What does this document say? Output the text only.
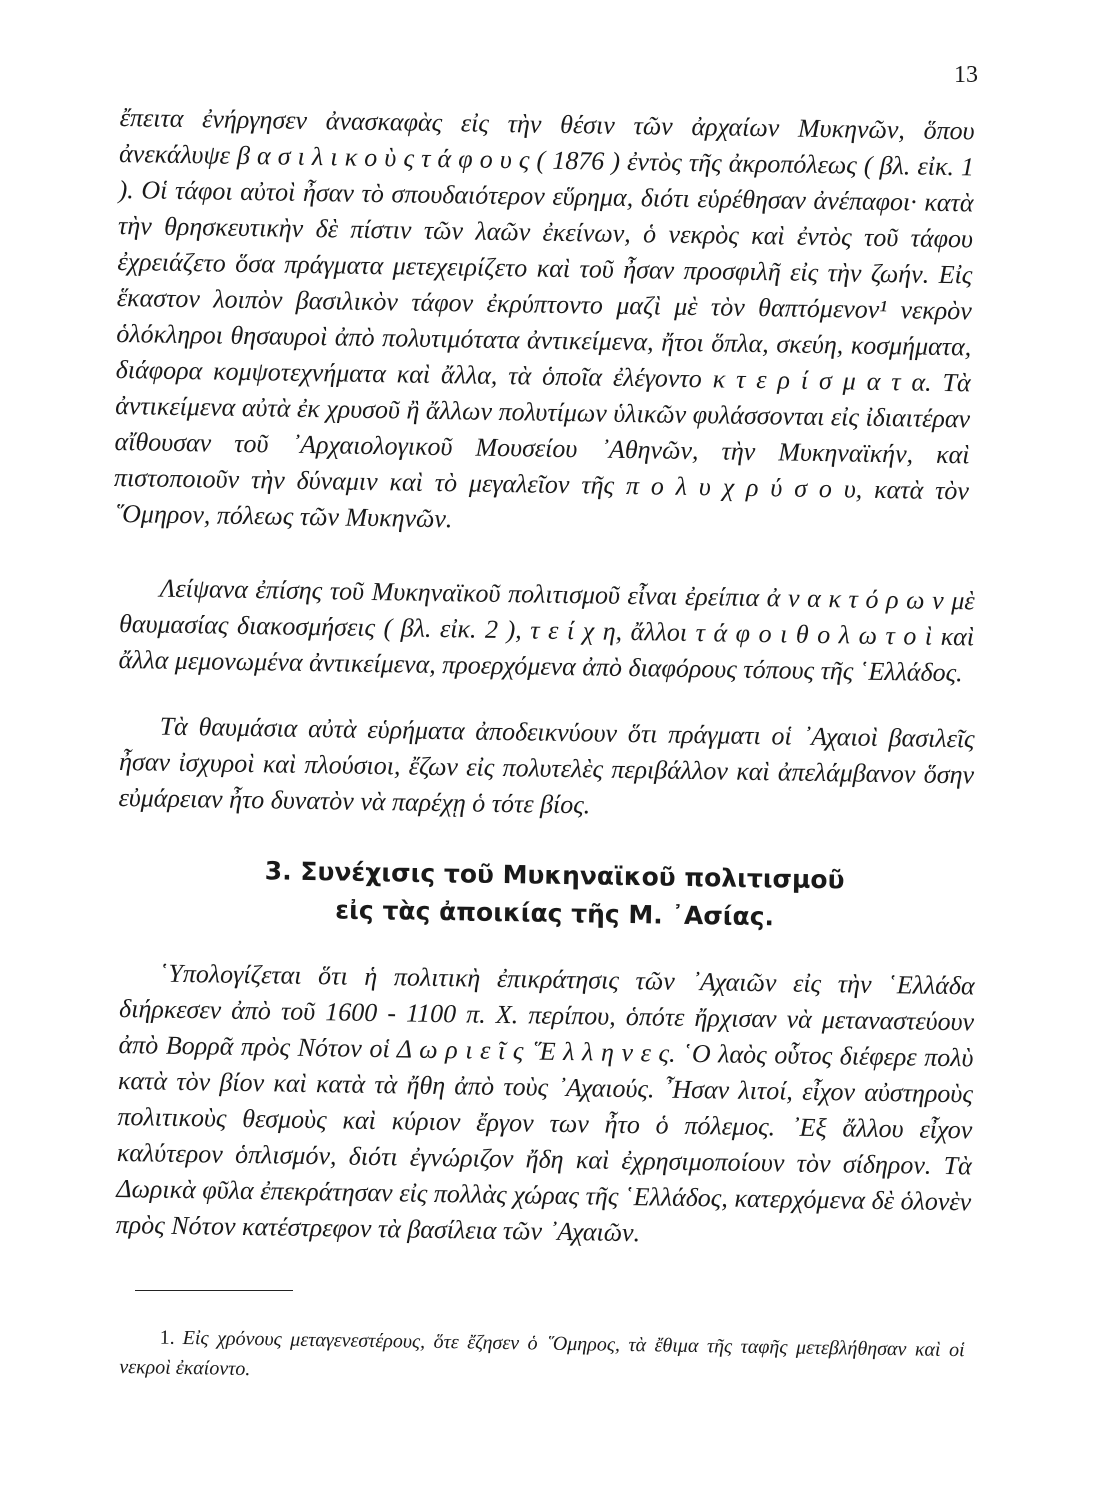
13
ἔπειτα ἐνήργησεν ἀνασκαφὰς εἰς τὴν θέσιν τῶν ἀρχαίων Μυκηνῶν, ὅπου ἀνεκάλυψε β α σ ι λ ι κ ο ὺ ς τ ά φ ο υ ς ( 1876 ) ἐντὸς τῆς ἀκροπόλεως ( βλ. εἰκ. 1 ). Οἱ τάφοι αὐτοὶ ἦσαν τὸ σπουδαιότερον εὕρημα, διότι εὑρέθησαν ἀνέπαφοι· κατὰ τὴν θρησκευτικὴν δὲ πίστιν τῶν λαῶν ἐκείνων, ὁ νεκρὸς καὶ ἐντὸς τοῦ τάφου ἐχρειάζετο ὅσα πράγματα μετεχειρίζετο καὶ τοῦ ἦσαν προσφιλῆ εἰς τὴν ζωήν. Εἰς ἕκαστον λοιπὸν βασιλικὸν τάφον ἐκρύπτοντο μαζὶ μὲ τὸν θαπτόμενον¹ νεκρὸν ὁλόκληροι θησαυροὶ ἀπὸ πολυτιμότατα ἀντικείμενα, ἤτοι ὅπλα, σκεύη, κοσμήματα, διάφορα κομψοτεχνήματα καὶ ἄλλα, τὰ ὁποῖα ἐλέγοντο κ τ ε ρ ί σ μ α τ α. Τὰ ἀντικείμενα αὐτὰ ἐκ χρυσοῦ ἢ ἄλλων πολυτίμων ὑλικῶν φυλάσσονται εἰς ἰδιαιτέραν αἴθουσαν τοῦ ᾽Αρχαιολογικοῦ Μουσείου ᾽Αθηνῶν, τὴν Μυκηναϊκήν, καὶ πιστοποιοῦν τὴν δύναμιν καὶ τὸ μεγαλεῖον τῆς π ο λ υ χ ρ ύ σ ο υ, κατὰ τὸν ῞Ομηρον, πόλεως τῶν Μυκηνῶν.
Λείψανα ἐπίσης τοῦ Μυκηναϊκοῦ πολιτισμοῦ εἶναι ἐρείπια ἀ ν α κ τ ό ρ ω ν μὲ θαυμασίας διακοσμήσεις ( βλ. εἰκ. 2 ), τ ε ί χ η, ἄλλοι τ ά φ ο ι θ ο λ ω τ ο ὶ καὶ ἄλλα μεμονωμένα ἀντικείμενα, προερχόμενα ἀπὸ διαφόρους τόπους τῆς ῾Ελλάδος.
Τὰ θαυμάσια αὐτὰ εὑρήματα ἀποδεικνύουν ὅτι πράγματι οἱ ᾽Αχαιοὶ βασιλεῖς ἦσαν ἰσχυροὶ καὶ πλούσιοι, ἔζων εἰς πολυτελὲς περιβάλλον καὶ ἀπελάμβανον ὅσην εὐμάρειαν ἦτο δυνατὸν νὰ παρέχῃ ὁ τότε βίος.
3. Συνέχισις τοῦ Μυκηναϊκοῦ πολιτισμοῦ
εἰς τὰς ἀποικίας τῆς Μ. ᾽Ασίας.
῾Υπολογίζεται ὅτι ἡ πολιτικὴ ἐπικράτησις τῶν ᾽Αχαιῶν εἰς τὴν ῾Ελλάδα διήρκεσεν ἀπὸ τοῦ 1600 - 1100 π. Χ. περίπου, ὁπότε ἤρχισαν νὰ μεταναστεύουν ἀπὸ Βορρᾶ πρὸς Νότον οἱ Δ ω ρ ι ε ῖ ς ῞Ε λ λ η ν ε ς. ῾Ο λαὸς οὗτος διέφερε πολὺ κατὰ τὸν βίον καὶ κατὰ τὰ ἤθη ἀπὸ τοὺς ᾽Αχαιούς. ῏Ησαν λιτοί, εἶχον αὐστηροὺς πολιτικοὺς θεσμοὺς καὶ κύριον ἔργον των ἦτο ὁ πόλεμος. ᾽Εξ ἄλλου εἶχον καλύτερον ὁπλισμόν, διότι ἐγνώριζον ἤδη καὶ ἐχρησιμοποίουν τὸν σίδηρον. Τὰ Δωρικὰ φῦλα ἐπεκράτησαν εἰς πολλὰς χώρας τῆς ῾Ελλάδος, κατερχόμενα δὲ ὁλονὲν πρὸς Νότον κατέστρεφον τὰ βασίλεια τῶν ᾽Αχαιῶν.
1. Εἰς χρόνους μεταγενεστέρους, ὅτε ἔζησεν ὁ ῞Ομηρος, τὰ ἔθιμα τῆς ταφῆς μετεβλήθησαν καὶ οἱ νεκροὶ ἐκαίοντο.
